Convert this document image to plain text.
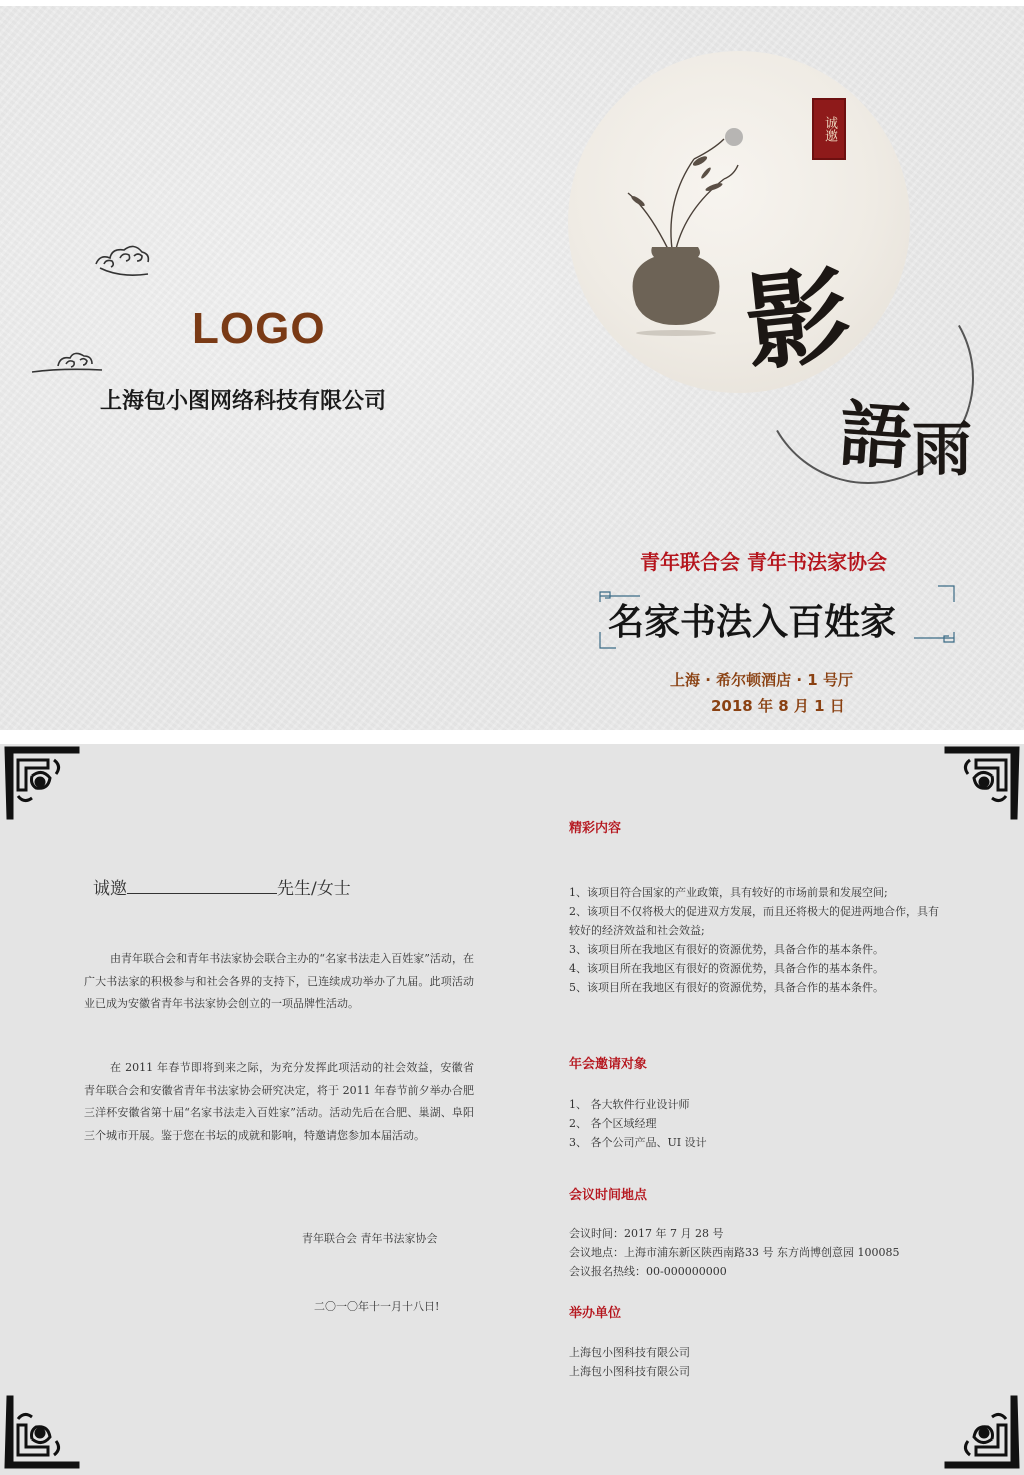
LOGO
上海包小图网络科技有限公司
诚邀
影
語
雨
青年联合会 青年书法家协会
名家书法入百姓家
上海 · 希尔顿酒店 · 1 号厅
2018 年 8 月 1 日
诚邀	先生/女士
由青年联合会和青年书法家协会联合主办的“名家书法走入百姓家”活动，在广大书法家的积极参与和社会各界的支持下，已连续成功举办了九届。此项活动业已成为安徽省青年书法家协会创立的一项品牌性活动。
在 2011 年春节即将到来之际，为充分发挥此项活动的社会效益，安徽省青年联合会和安徽省青年书法家协会研究决定，将于 2011 年春节前夕举办合肥三洋杯安徽省第十届“名家书法走入百姓家”活动。活动先后在合肥、巢湖、阜阳三个城市开展。鉴于您在书坛的成就和影响，特邀请您参加本届活动。
青年联合会 青年书法家协会
二〇一〇年十一月十八日!
精彩内容
1、该项目符合国家的产业政策，具有较好的市场前景和发展空间;
2、该项目不仅将极大的促进双方发展，而且还将极大的促进两地合作，具有较好的经济效益和社会效益;
3、该项目所在我地区有很好的资源优势，具备合作的基本条件。
4、该项目所在我地区有很好的资源优势，具备合作的基本条件。
5、该项目所在我地区有很好的资源优势，具备合作的基本条件。
年会邀请对象
1、 各大软件行业设计师
2、 各个区域经理
3、 各个公司产品、UI 设计
会议时间地点
会议时间：2017 年 7 月 28 号
会议地点：上海市浦东新区陕西南路33 号 东方尚博创意园 100085
会议报名热线：00-000000000
举办单位
上海包小图科技有限公司
上海包小图科技有限公司
